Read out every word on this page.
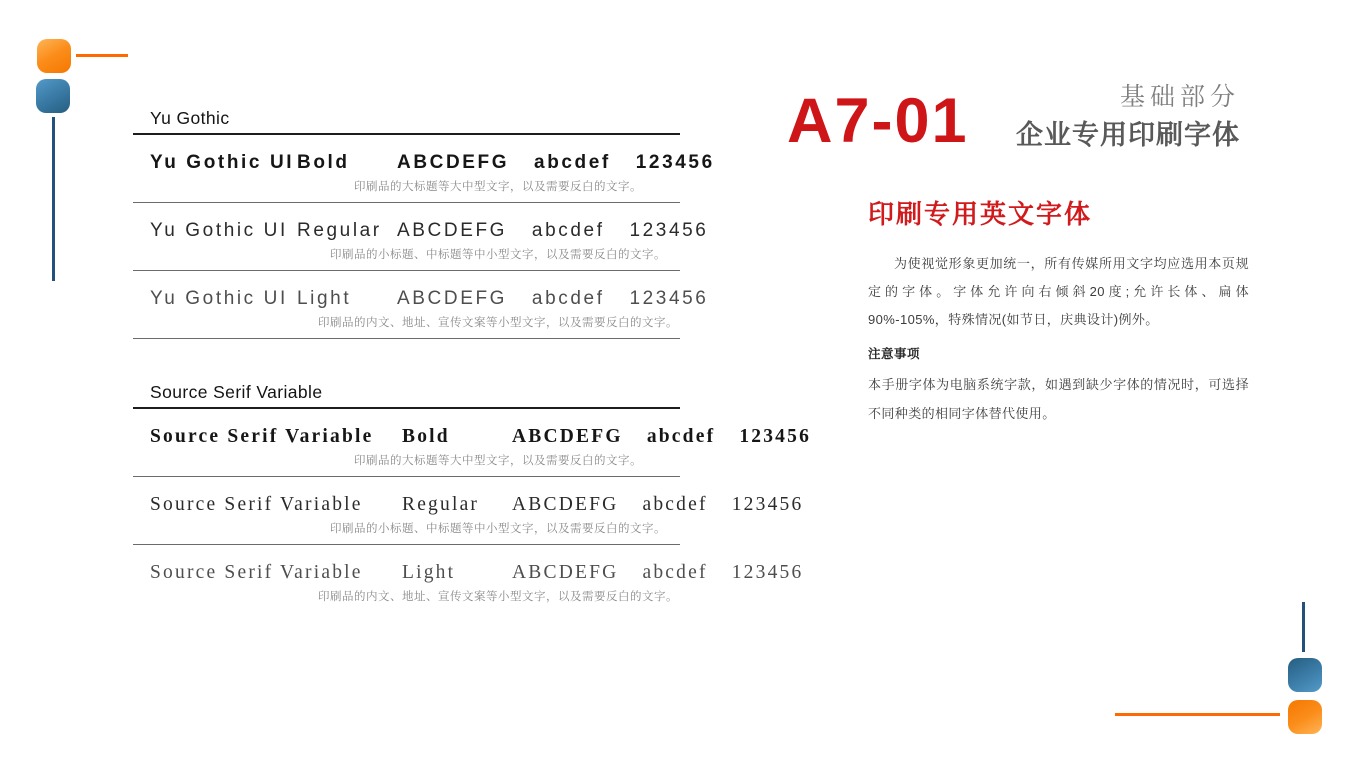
Yu Gothic
Yu Gothic UI Bold	ABCDEFG abcdef 123456
印刷品的大标题等大中型文字，以及需要反白的文字。
Yu Gothic UI Regular ABCDEFG abcdef 123456
印刷品的小标题、中标题等中小型文字，以及需要反白的文字。
Yu Gothic UI Light	ABCDEFG abcdef 123456
印刷品的内文、地址、宣传文案等小型文字，以及需要反白的文字。
Source Serif Variable
Source Serif Variable	Bold	ABCDEFG abcdef 123456
印刷品的大标题等大中型文字，以及需要反白的文字。
Source Serif Variable	Regular	ABCDEFG abcdef 123456
印刷品的小标题、中标题等中小型文字，以及需要反白的文字。
Source Serif Variable	Light	ABCDEFG abcdef 123456
印刷品的内文、地址、宣传文案等小型文字，以及需要反白的文字。
A7-01	基础部分
企业专用印刷字体
印刷专用英文字体
为使视觉形象更加统一，所有传媒所用文字均应选用本页规定的字体。字体允许向右倾斜20度;允许长体、扁体 90%-105%，特殊情况(如节日，庆典设计)例外。
注意事项
本手册字体为电脑系统字款，如遇到缺少字体的情况时，可选择不同种类的相同字体替代使用。
